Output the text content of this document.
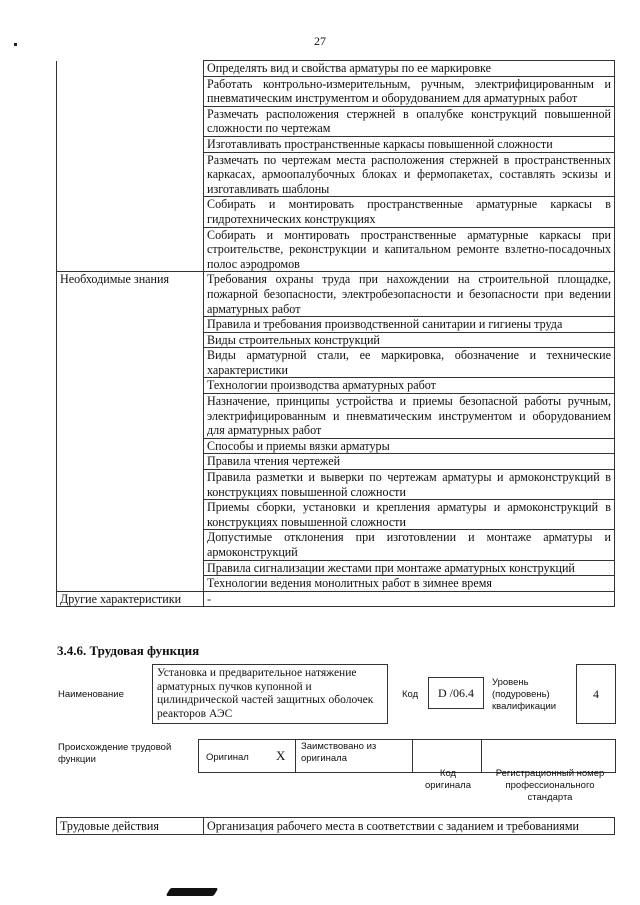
27
	Определять вид и свойства арматуры по ее маркировке
	Работать контрольно-измерительным, ручным, электрифицированным и пневматическим инструментом и оборудованием для арматурных работ
	Размечать расположения стержней в опалубке конструкций повышенной сложности по чертежам
	Изготавливать пространственные каркасы повышенной сложности
	Размечать по чертежам места расположения стержней в пространственных каркасах, армоопалубочных блоках и фермопакетах, составлять эскизы и изготавливать шаблоны
	Собирать и монтировать пространственные арматурные каркасы в гидротехнических конструкциях
	Собирать и монтировать пространственные арматурные каркасы при строительстве, реконструкции и капитальном ремонте взлетно-посадочных полос аэродромов
Необходимые знания	Требования охраны труда при нахождении на строительной площадке, пожарной безопасности, электробезопасности и безопасности при ведении арматурных работ
	Правила и требования производственной санитарии и гигиены труда
	Виды строительных конструкций
	Виды арматурной стали, ее маркировка, обозначение и технические характеристики
	Технологии производства арматурных работ
	Назначение, принципы устройства и приемы безопасной работы ручным, электрифицированным и пневматическим инструментом и оборудованием для арматурных работ
	Способы и приемы вязки арматуры
	Правила чтения чертежей
	Правила разметки и выверки по чертежам арматуры и армоконструкций в конструкциях повышенной сложности
	Приемы сборки, установки и крепления арматуры и армоконструкций в конструкциях повышенной сложности
	Допустимые отклонения при изготовлении и монтаже арматуры и армоконструкций
	Правила сигнализации жестами при монтаже арматурных конструкций
	Технологии ведения монолитных работ в зимнее время
Другие характеристики	-
3.4.6. Трудовая функция
Наименование
Установка и предварительное натяжение арматурных пучков купонной и цилиндрической частей защитных оболочек реакторов АЭС
Код	D /06.4
Уровень (подуровень) квалификации
4
Происхождение трудовой функции	Оригинал X
Заимствовано из оригинала
Код оригинала
Регистрационный номер профессионального стандарта
Трудовые действия	Организация рабочего места в соответствии с заданием и требованиями
